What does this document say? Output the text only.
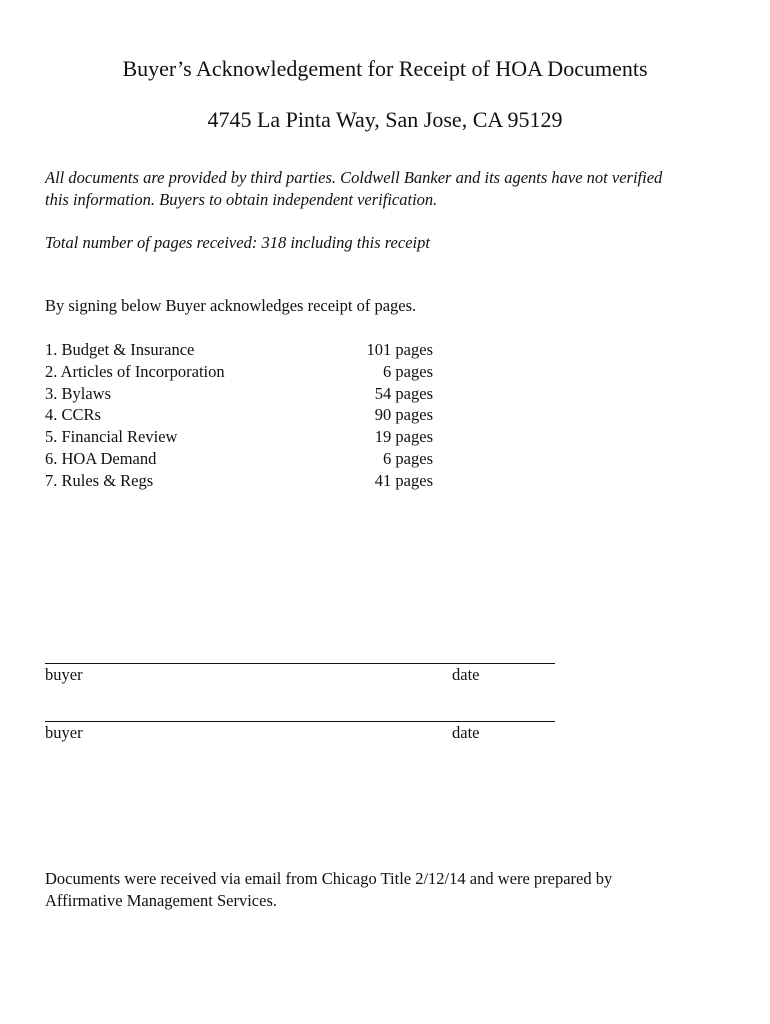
Buyer’s Acknowledgement for Receipt of HOA Documents
4745 La Pinta Way, San Jose, CA 95129
All documents are provided by third parties. Coldwell Banker and its agents have not verified
this information. Buyers to obtain independent verification.
Total number of pages received: 318 including this receipt
By signing below Buyer acknowledges receipt of pages.
1. Budget & Insurance	101 pages
2. Articles of Incorporation	6 pages
3. Bylaws	54 pages
4. CCRs	90 pages
5. Financial Review	19 pages
6. HOA Demand	6 pages
7. Rules & Regs	41 pages
buyer	date
buyer	date
Documents were received via email from Chicago Title 2/12/14 and were prepared by
Affirmative Management Services.
